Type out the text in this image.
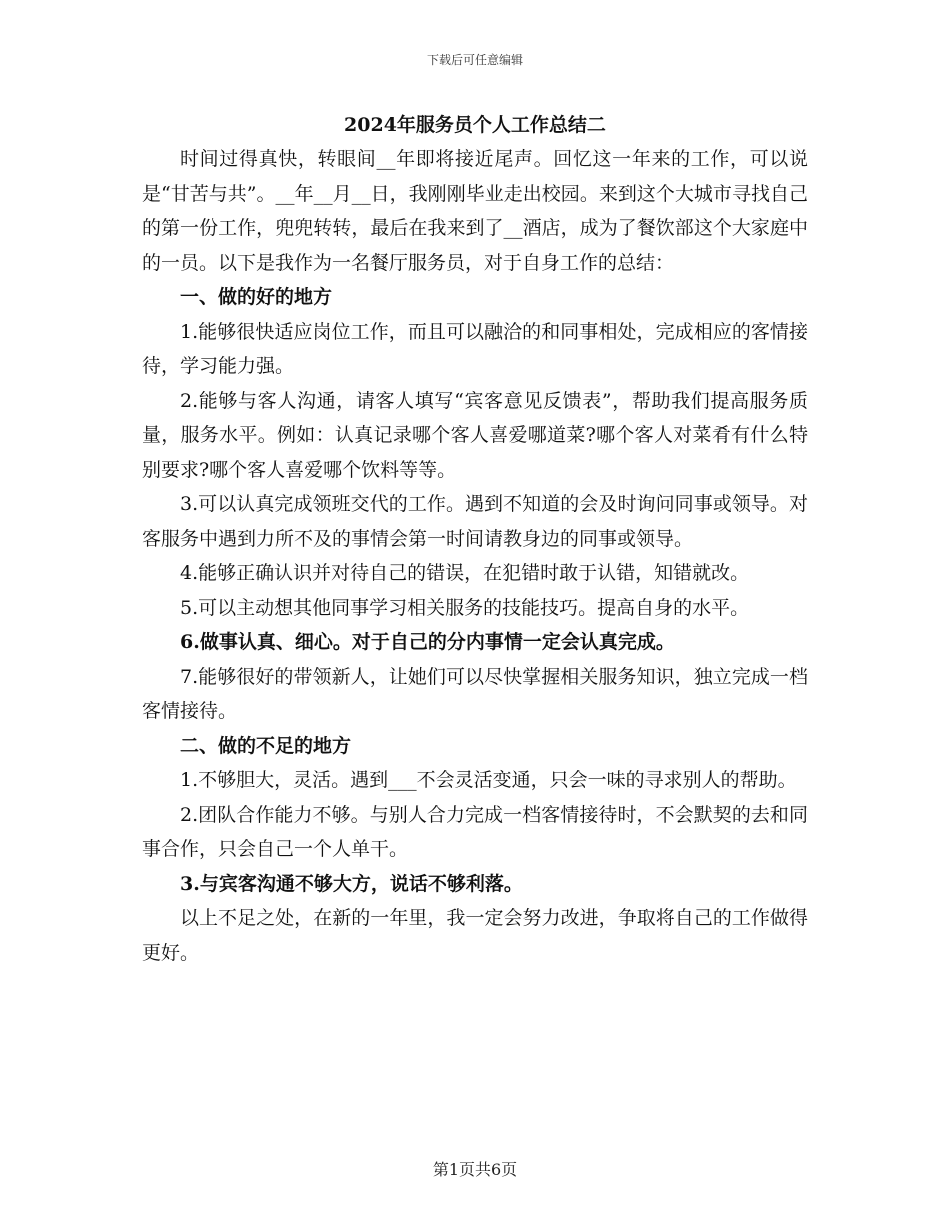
下载后可任意编辑
2024年服务员个人工作总结二

时间过得真快，转眼间__年即将接近尾声。回忆这一年来的工作，可以说是“甘苦与共”。__年__月__日，我刚刚毕业走出校园。来到这个大城市寻找自己的第一份工作，兜兜转转，最后在我来到了__酒店，成为了餐饮部这个大家庭中的一员。以下是我作为一名餐厅服务员，对于自身工作的总结：

一、做的好的地方

1.能够很快适应岗位工作，而且可以融洽的和同事相处，完成相应的客情接待，学习能力强。

2.能够与客人沟通，请客人填写“宾客意见反馈表”，帮助我们提高服务质量，服务水平。例如：认真记录哪个客人喜爱哪道菜?哪个客人对菜肴有什么特别要求?哪个客人喜爱哪个饮料等等。

3.可以认真完成领班交代的工作。遇到不知道的会及时询问同事或领导。对客服务中遇到力所不及的事情会第一时间请教身边的同事或领导。

4.能够正确认识并对待自己的错误，在犯错时敢于认错，知错就改。

5.可以主动想其他同事学习相关服务的技能技巧。提高自身的水平。

6.做事认真、细心。对于自己的分内事情一定会认真完成。

7.能够很好的带领新人，让她们可以尽快掌握相关服务知识，独立完成一档客情接待。

二、做的不足的地方

1.不够胆大，灵活。遇到___不会灵活变通，只会一味的寻求别人的帮助。

2.团队合作能力不够。与别人合力完成一档客情接待时，不会默契的去和同事合作，只会自己一个人单干。

3.与宾客沟通不够大方，说话不够利落。

以上不足之处，在新的一年里，我一定会努力改进，争取将自己的工作做得更好。

第1页共6页
